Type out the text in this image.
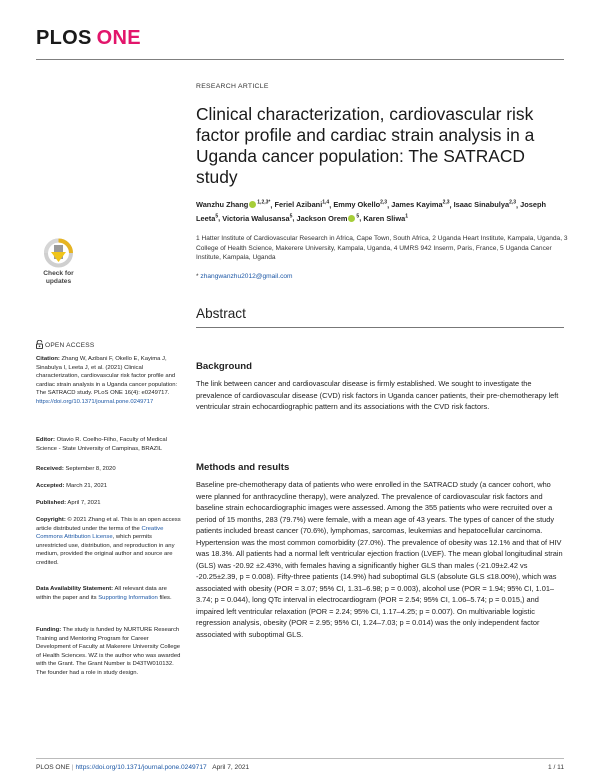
PLOS ONE
RESEARCH ARTICLE
Clinical characterization, cardiovascular risk factor profile and cardiac strain analysis in a Uganda cancer population: The SATRACD study
Wanzhu Zhang $^{1,2,3*}$, Feriel Azibani$^{1,4}$, Emmy Okello$^{2,3}$, James Kayima$^{2,3}$, Isaac Sinabulya$^{2,3}$, Joseph Leeta$^5$, Victoria Walusansa$^5$, Jackson Orem $^5$, Karen Sliwa$^1$
1 Hatter Institute of Cardiovascular Research in Africa, Cape Town, South Africa, 2 Uganda Heart Institute, Kampala, Uganda, 3 College of Health Science, Makerere University, Kampala, Uganda, 4 UMRS 942 Inserm, Paris, France, 5 Uganda Cancer Institute, Kampala, Uganda
* zhangwanzhu2012@gmail.com
Check for
updates
Abstract
OPEN ACCESS
Citation: Zhang W, Azibani F, Okello E, Kayima J, Sinabulya I, Leeta J, et al. (2021) Clinical characterization, cardiovascular risk factor profile and cardiac strain analysis in a Uganda cancer population: The SATRACD study. PLoS ONE 16(4): e0249717. https://doi.org/10.1371/journal.pone.0249717
Editor: Otavio R. Coelho-Filho, Faculty of Medical Science - State University of Campinas, BRAZIL
Received: September 8, 2020
Accepted: March 21, 2021
Published: April 7, 2021
Copyright: © 2021 Zhang et al. This is an open access article distributed under the terms of the Creative Commons Attribution License, which permits unrestricted use, distribution, and reproduction in any medium, provided the original author and source are credited.
Data Availability Statement: All relevant data are within the paper and its Supporting Information files.
Funding: The study is funded by NURTURE Research Training and Mentoring Program for Career Development of Faculty at Makerere University College of Health Sciences. WZ is the author who was awarded with the Grant. The Grant Number is D43TW010132. The founder had a role in study design.
Background
The link between cancer and cardiovascular disease is firmly established. We sought to investigate the prevalence of cardiovascular disease (CVD) risk factors in Uganda cancer patients, their pre-chemotherapy left ventricular strain echocardiographic pattern and its associations with the CVD risk factors.
Methods and results
Baseline pre-chemotherapy data of patients who were enrolled in the SATRACD study (a cancer cohort, who were planned for anthracycline therapy), were analyzed. The prevalence of cardiovascular risk factors and baseline strain echocardiographic images were assessed. Among the 355 patients who were recruited over a period of 15 months, 283 (79.7%) were female, with a mean age of 43 years. The types of cancer of the study patients included breast cancer (70.6%), lymphomas, sarcomas, leukemias and hepatocellular carcinoma. Hypertension was the most common comorbidity (27.0%). The prevalence of obesity was 12.1% and that of HIV was 18.3%. All patients had a normal left ventricular ejection fraction (LVEF). The mean global longitudinal strain (GLS) was -20.92 ±2.43%, with females having a significantly higher GLS than males (-21.09±2.42 vs -20.25±2.39, p = 0.008). Fifty-three patients (14.9%) had suboptimal GLS (absolute GLS ≤18.00%), which was associated with obesity (POR = 3.07; 95% CI, 1.31–6.98; p = 0.003), alcohol use (POR = 1.94; 95% CI, 1.01–3.74; p = 0.044), long QTc interval in electrocardiogram (POR = 2.54; 95% CI, 1.06–5.74; p = 0.015,) and impaired left ventricular relaxation (POR = 2.24; 95% CI, 1.17–4.25; p = 0.007). On multivariable logistic regression analysis, obesity (POR = 2.95; 95% CI, 1.24–7.03; p = 0.014) was the only independent factor associated with suboptimal GLS.
PLOS ONE | https://doi.org/10.1371/journal.pone.0249717 April 7, 2021	1 / 11
